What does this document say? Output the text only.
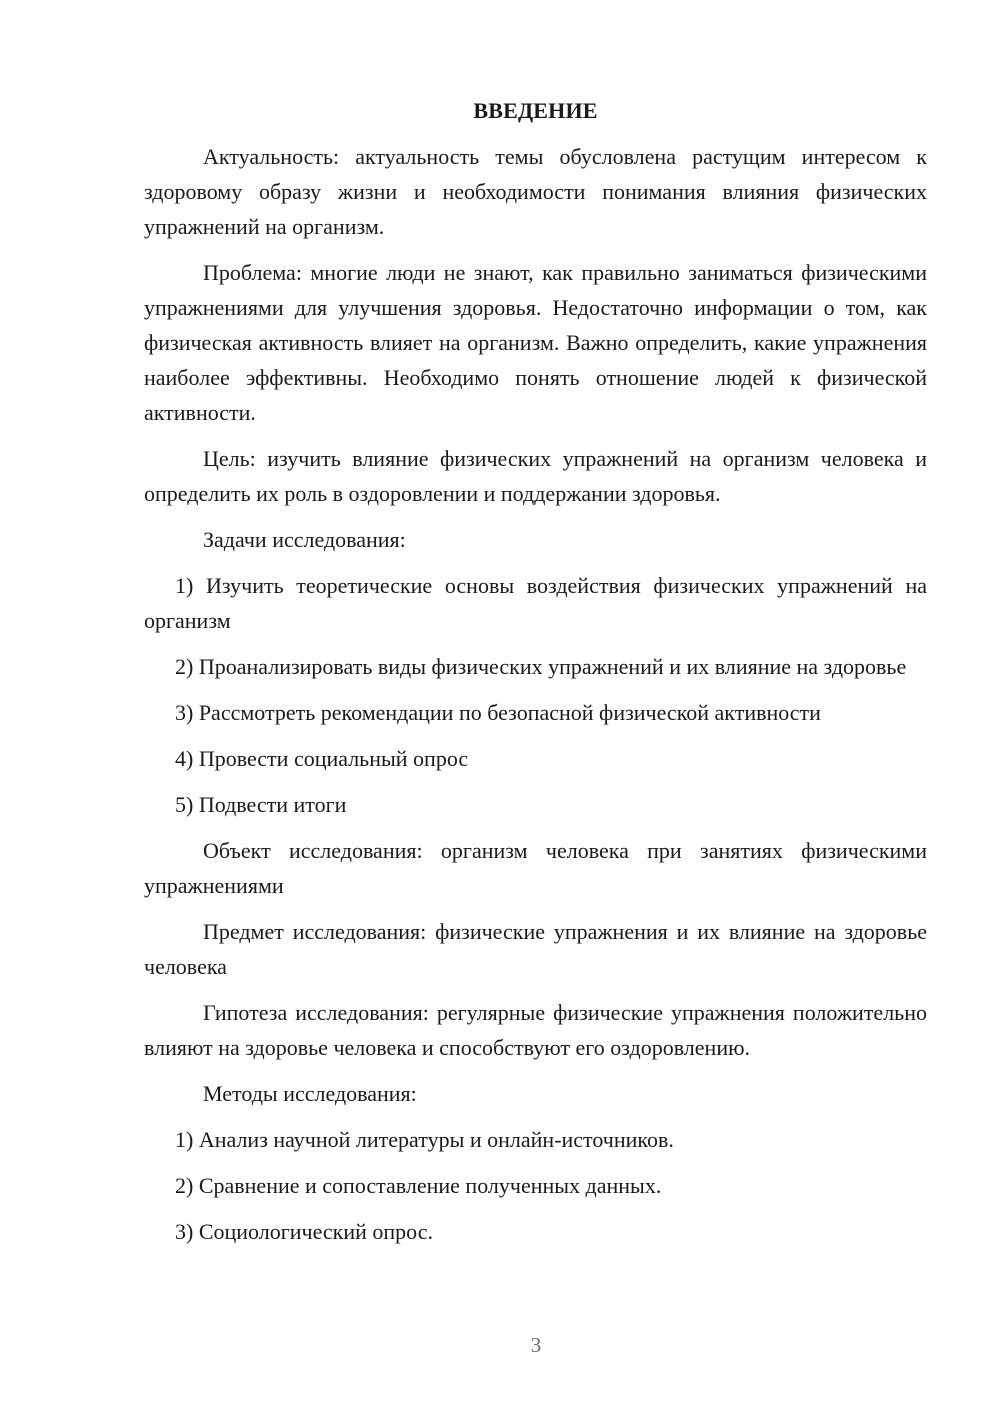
ВВЕДЕНИЕ

Актуальность: актуальность темы обусловлена растущим интересом к здоровому образу жизни и необходимости понимания влияния физических упражнений на организм.

Проблема: многие люди не знают, как правильно заниматься физическими упражнениями для улучшения здоровья. Недостаточно информации о том, как физическая активность влияет на организм. Важно определить, какие упражнения наиболее эффективны. Необходимо понять отношение людей к физической активности.

Цель: изучить влияние физических упражнений на организм человека и определить их роль в оздоровлении и поддержании здоровья.

Задачи исследования:

1) Изучить теоретические основы воздействия физических упражнений на организм

2) Проанализировать виды физических упражнений и их влияние на здоровье

3) Рассмотреть рекомендации по безопасной физической активности

4) Провести социальный опрос

5) Подвести итоги

Объект исследования: организм человека при занятиях физическими упражнениями

Предмет исследования: физические упражнения и их влияние на здоровье человека

Гипотеза исследования: регулярные физические упражнения положительно влияют на здоровье человека и способствуют его оздоровлению.

Методы исследования:

1) Анализ научной литературы и онлайн-источников.

2) Сравнение и сопоставление полученных данных.

3) Социологический опрос.

3
